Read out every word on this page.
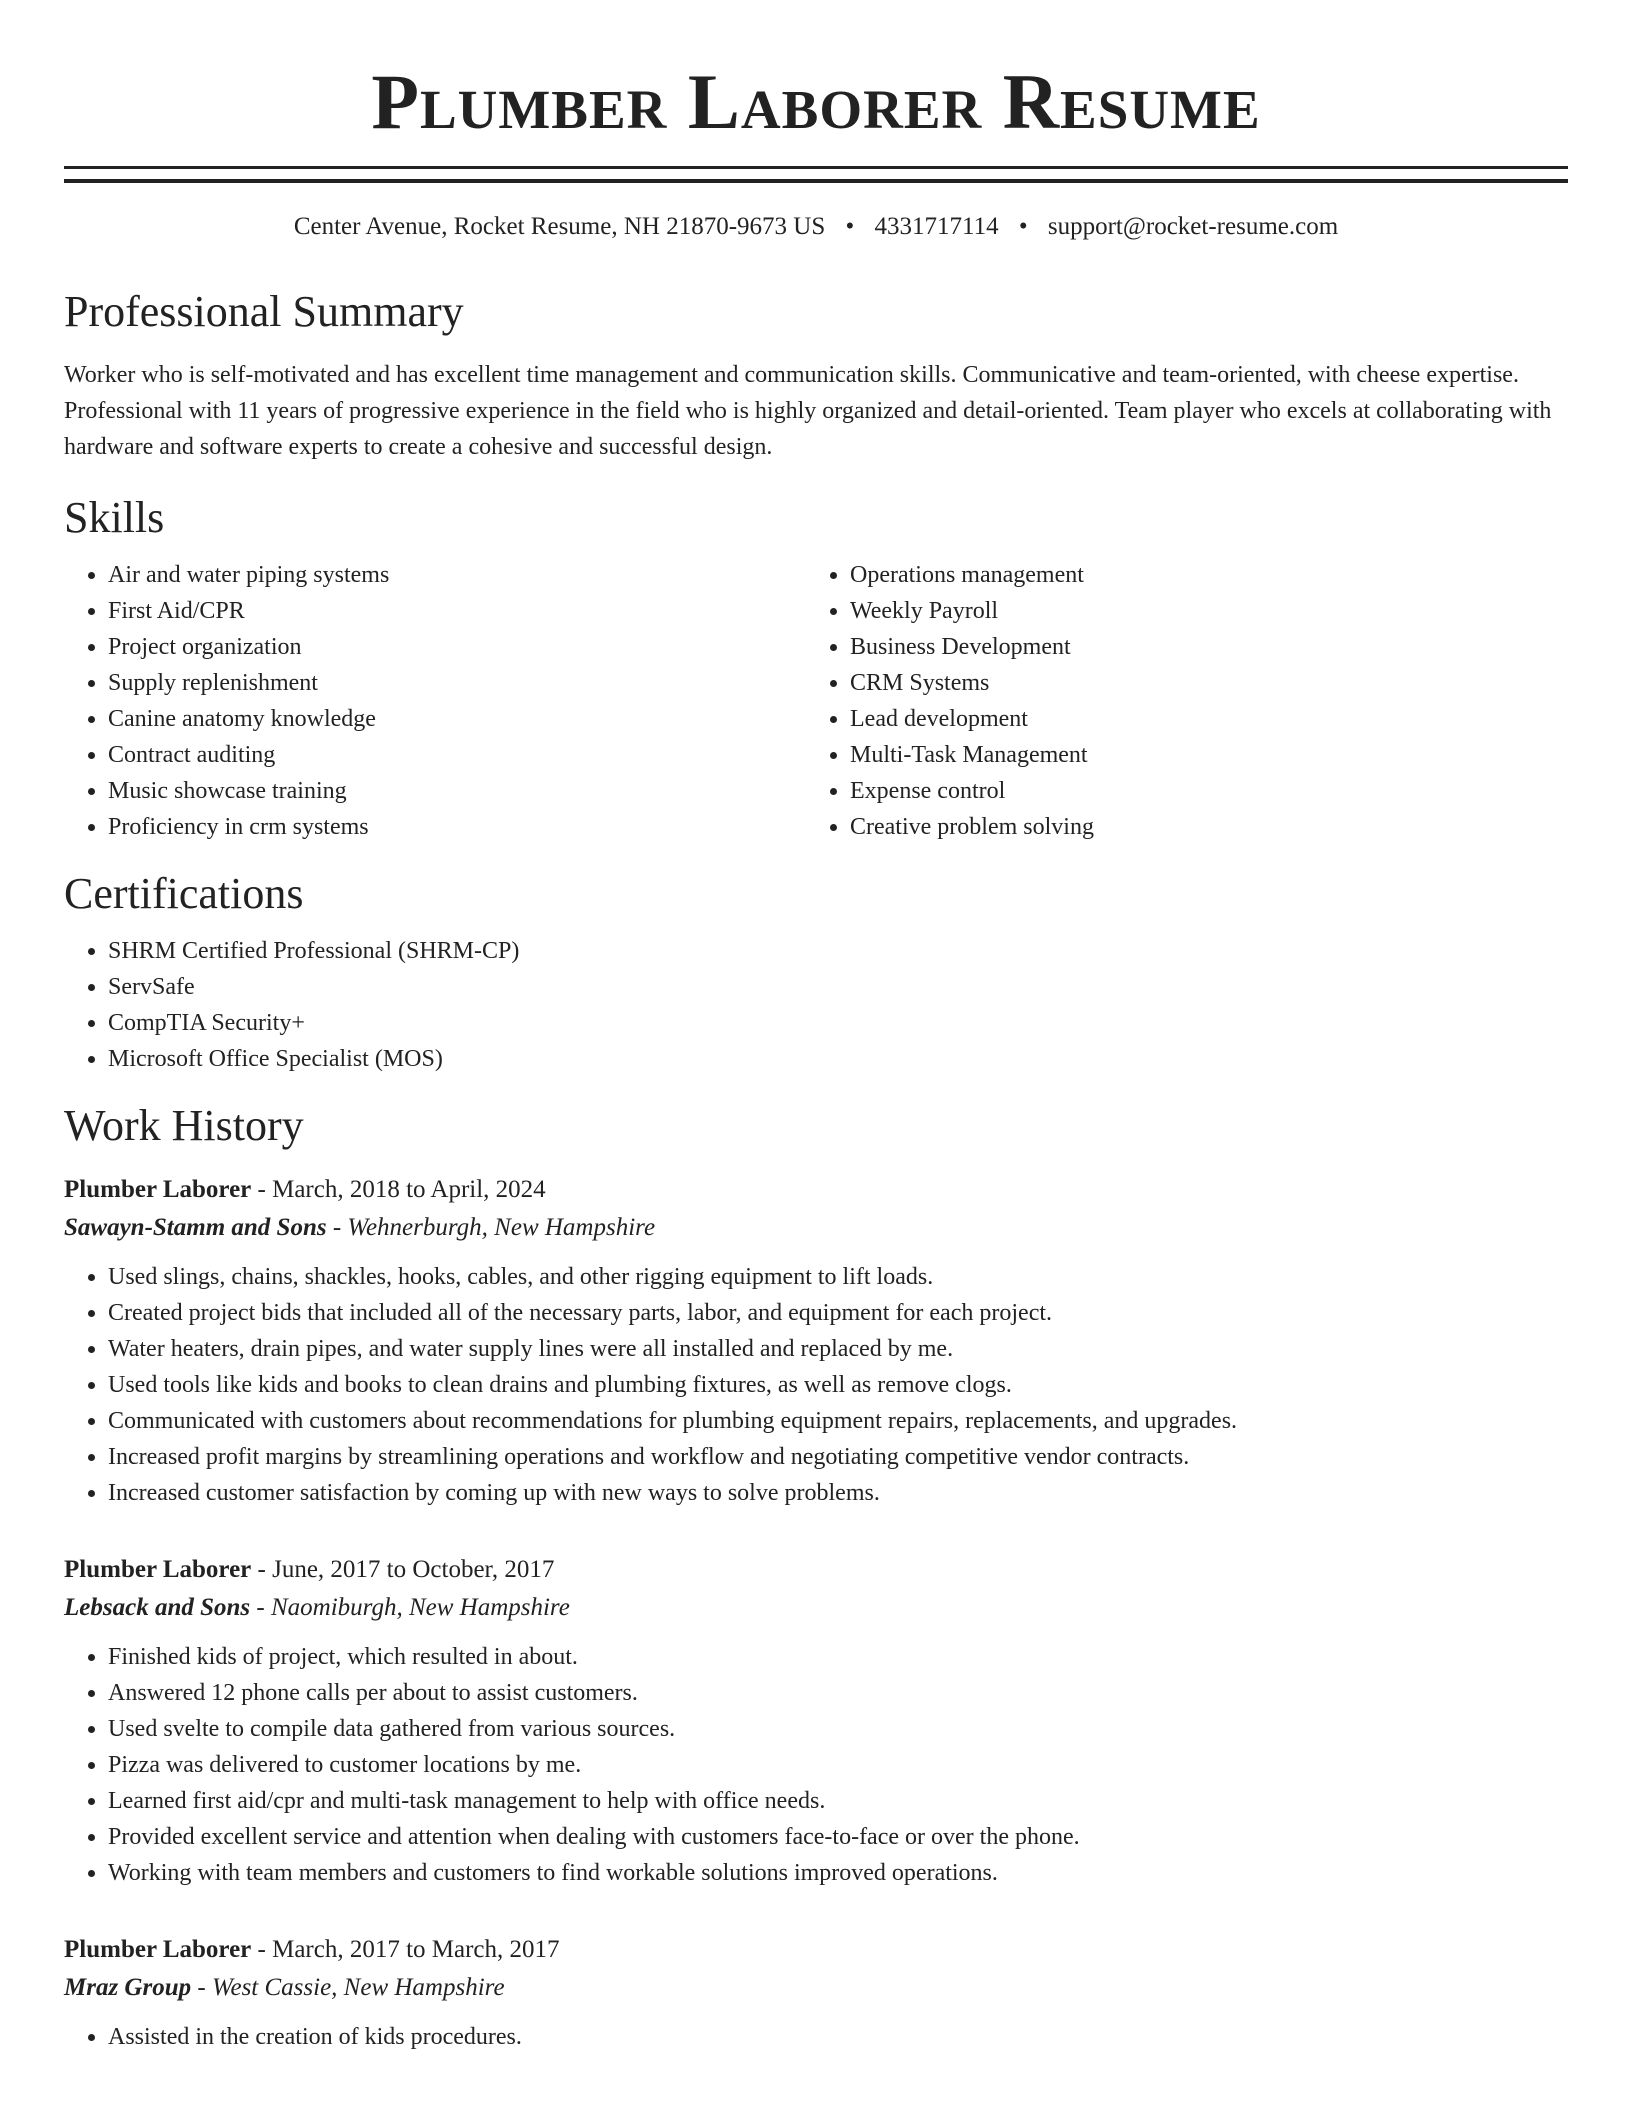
Plumber Laborer Resume
Center Avenue, Rocket Resume, NH 21870-9673 US • 4331717114 • support@rocket-resume.com
Professional Summary

Worker who is self-motivated and has excellent time management and communication skills. Communicative and team-oriented, with cheese expertise. Professional with 11 years of progressive experience in the field who is highly organized and detail-oriented. Team player who excels at collaborating with hardware and software experts to create a cohesive and successful design.

Skills
• Air and water piping systems
• First Aid/CPR
• Project organization
• Supply replenishment
• Canine anatomy knowledge
• Contract auditing
• Music showcase training
• Proficiency in crm systems
• Operations management
• Weekly Payroll
• Business Development
• CRM Systems
• Lead development
• Multi-Task Management
• Expense control
• Creative problem solving
Certifications
• SHRM Certified Professional (SHRM-CP)
• ServSafe
• CompTIA Security+
• Microsoft Office Specialist (MOS)
Work History
Plumber Laborer - March, 2018 to April, 2024
Sawayn-Stamm and Sons - Wehnerburgh, New Hampshire
• Used slings, chains, shackles, hooks, cables, and other rigging equipment to lift loads.
• Created project bids that included all of the necessary parts, labor, and equipment for each project.
• Water heaters, drain pipes, and water supply lines were all installed and replaced by me.
• Used tools like kids and books to clean drains and plumbing fixtures, as well as remove clogs.
• Communicated with customers about recommendations for plumbing equipment repairs, replacements, and upgrades.
• Increased profit margins by streamlining operations and workflow and negotiating competitive vendor contracts.
• Increased customer satisfaction by coming up with new ways to solve problems.
Plumber Laborer - June, 2017 to October, 2017
Lebsack and Sons - Naomiburgh, New Hampshire
• Finished kids of project, which resulted in about.
• Answered 12 phone calls per about to assist customers.
• Used svelte to compile data gathered from various sources.
• Pizza was delivered to customer locations by me.
• Learned first aid/cpr and multi-task management to help with office needs.
• Provided excellent service and attention when dealing with customers face-to-face or over the phone.
• Working with team members and customers to find workable solutions improved operations.
Plumber Laborer - March, 2017 to March, 2017
Mraz Group - West Cassie, New Hampshire
• Assisted in the creation of kids procedures.
